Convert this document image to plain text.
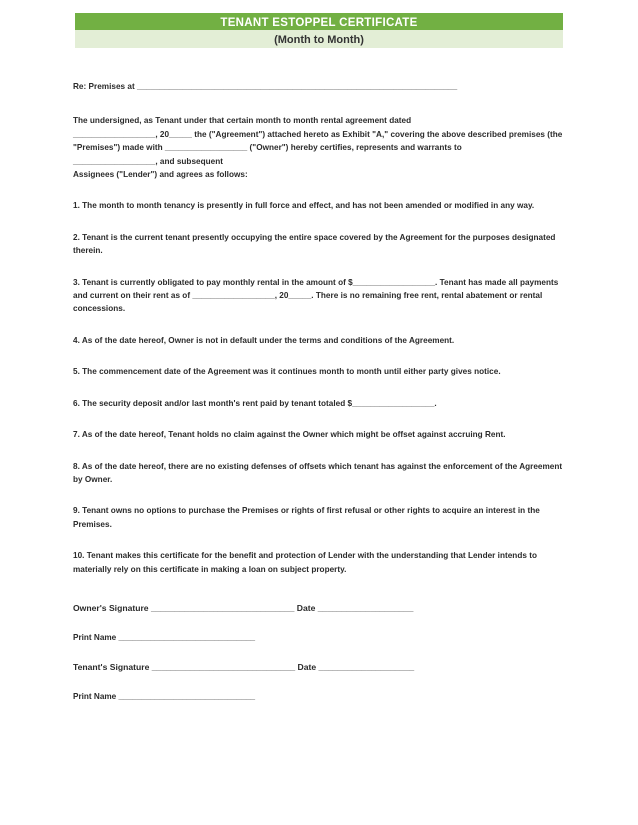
TENANT ESTOPPEL CERTIFICATE
(Month to Month)

Re: Premises at ______________________________________________________________________

The undersigned, as Tenant under that certain month to month rental agreement dated

__________________, 20_____ the ("Agreement") attached hereto as Exhibit "A," covering the above described premises (the

"Premises") made with __________________ ("Owner") hereby certifies, represents and warrants to

__________________, and subsequent

Assignees ("Lender") and agrees as follows:

1. The month to month tenancy is presently in full force and effect, and has not been amended or modified in any way.

2. Tenant is the current tenant presently occupying the entire space covered by the Agreement for the purposes designated therein.

3. Tenant is currently obligated to pay monthly rental in the amount of $__________________. Tenant has made all payments and current on their rent as of __________________, 20_____. There is no remaining free rent, rental abatement or rental concessions.

4. As of the date hereof, Owner is not in default under the terms and conditions of the Agreement.

5. The commencement date of the Agreement was it continues month to month until either party gives notice.

6. The security deposit and/or last month's rent paid by tenant totaled $__________________.

7. As of the date hereof, Tenant holds no claim against the Owner which might be offset against accruing Rent.

8. As of the date hereof, there are no existing defenses of offsets which tenant has against the enforcement of the Agreement by Owner.

9. Tenant owns no options to purchase the Premises or rights of first refusal or other rights to acquire an interest in the Premises.

10. Tenant makes this certificate for the benefit and protection of Lender with the understanding that Lender intends to materially rely on this certificate in making a loan on subject property.

Owner's Signature ______________________________ Date ____________________

Print Name ______________________________

Tenant's Signature ______________________________ Date ____________________

Print Name ______________________________
